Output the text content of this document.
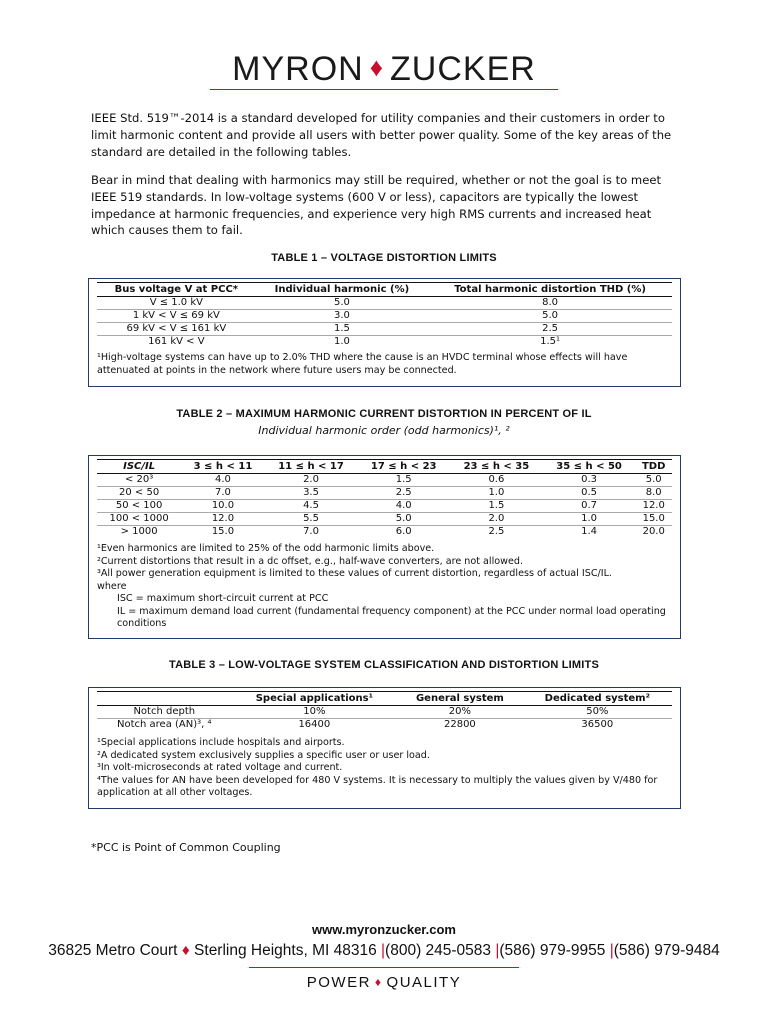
MYRON ♦ ZUCKER

IEEE Std. 519™-2014 is a standard developed for utility companies and their customers in order to limit harmonic content and provide all users with better power quality. Some of the key areas of the standard are detailed in the following tables.

Bear in mind that dealing with harmonics may still be required, whether or not the goal is to meet IEEE 519 standards. In low-voltage systems (600 V or less), capacitors are typically the lowest impedance at harmonic frequencies, and experience very high RMS currents and increased heat which causes them to fail.

TABLE 1 – VOLTAGE DISTORTION LIMITS
Bus voltage V at PCC*	Individual harmonic (%)	Total harmonic distortion THD (%)
V ≤ 1.0 kV	5.0	8.0
1 kV < V ≤ 69 kV	3.0	5.0
69 kV < V ≤ 161 kV	1.5	2.5
161 kV < V	1.0	1.5¹

¹High-voltage systems can have up to 2.0% THD where the cause is an HVDC terminal whose effects will have attenuated at points in the network where future users may be connected.

TABLE 2 – MAXIMUM HARMONIC CURRENT DISTORTION IN PERCENT OF IL
Individual harmonic order (odd harmonics)¹, ²
ISC/IL	3 ≤ h < 11	11 ≤ h < 17	17 ≤ h < 23	23 ≤ h < 35	35 ≤ h < 50	TDD
< 20³	4.0	2.0	1.5	0.6	0.3	5.0
20 < 50	7.0	3.5	2.5	1.0	0.5	8.0
50 < 100	10.0	4.5	4.0	1.5	0.7	12.0
100 < 1000	12.0	5.5	5.0	2.0	1.0	15.0
> 1000	15.0	7.0	6.0	2.5	1.4	20.0

¹Even harmonics are limited to 25% of the odd harmonic limits above.

²Current distortions that result in a dc offset, e.g., half-wave converters, are not allowed.

³All power generation equipment is limited to these values of current distortion, regardless of actual ISC/IL.

where

ISC = maximum short-circuit current at PCC

IL = maximum demand load current (fundamental frequency component) at the PCC under normal load operating conditions

TABLE 3 – LOW-VOLTAGE SYSTEM CLASSIFICATION AND DISTORTION LIMITS
	Special applications¹	General system	Dedicated system²
Notch depth	10%	20%	50%
Notch area (AN)³, ⁴	16400	22800	36500

¹Special applications include hospitals and airports.

²A dedicated system exclusively supplies a specific user or user load.

³In volt-microseconds at rated voltage and current.

⁴The values for AN have been developed for 480 V systems. It is necessary to multiply the values given by V/480 for application at all other voltages.

*PCC is Point of Common Coupling

www.myronzucker.com
36825 Metro Court ♦ Sterling Heights, MI 48316 |(800) 245-0583 |(586) 979-9955 |(586) 979-9484
POWER ♦ QUALITY
